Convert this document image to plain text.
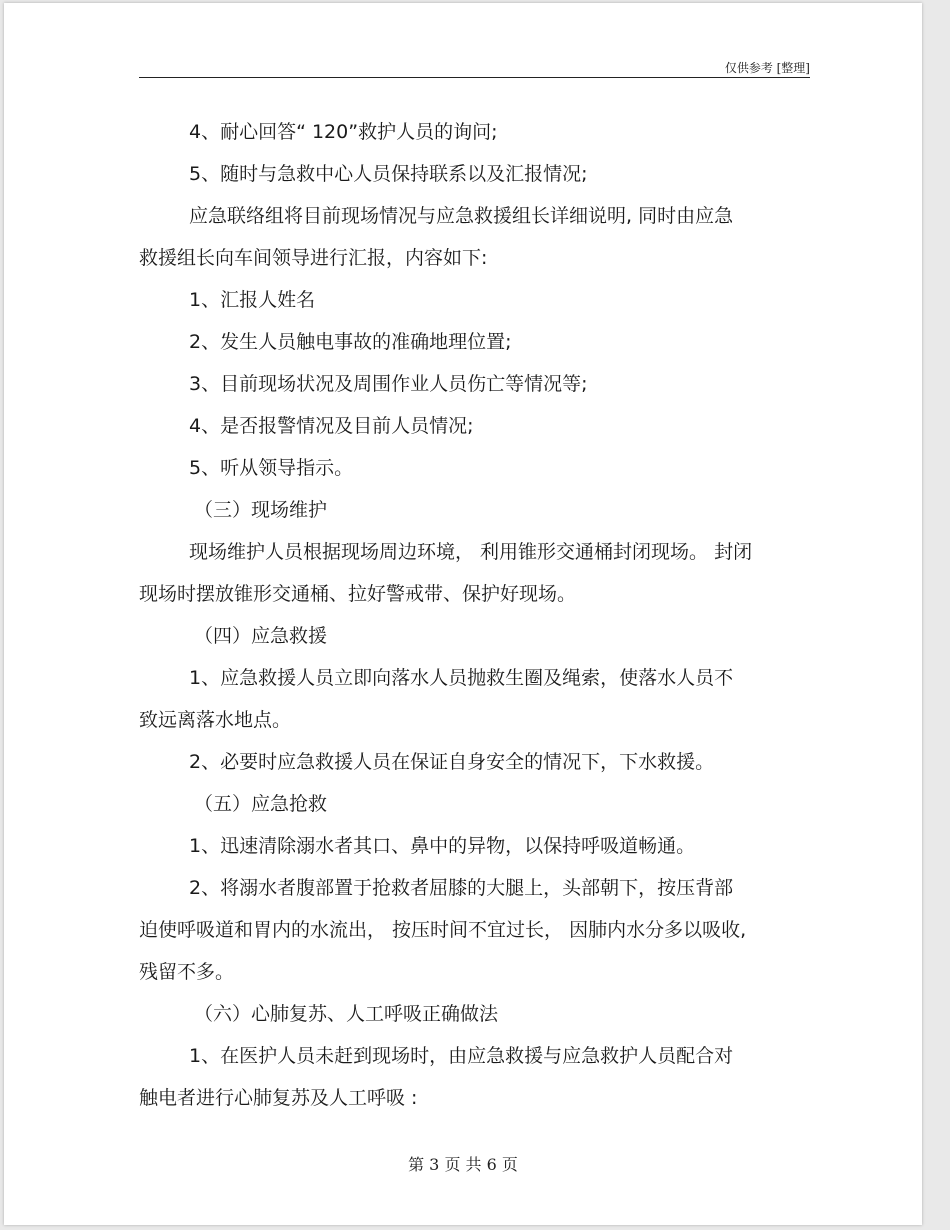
仅供参考 [整理]
4、耐心回答“ 120”救护人员的询问;
5、随时与急救中心人员保持联系以及汇报情况;
应急联络组将目前现场情况与应急救援组长详细说明, 同时由应急
救援组长向车间领导进行汇报，内容如下:
1、汇报人姓名
2、发生人员触电事故的准确地理位置;
3、目前现场状况及周围作业人员伤亡等情况等;
4、是否报警情况及目前人员情况;
5、听从领导指示。
（三）现场维护
现场维护人员根据现场周边环境， 利用锥形交通桶封闭现场。 封闭
现场时摆放锥形交通桶、拉好警戒带、保护好现场。
（四）应急救援
1、应急救援人员立即向落水人员抛救生圈及绳索，使落水人员不
致远离落水地点。
2、必要时应急救援人员在保证自身安全的情况下，下水救援。
（五）应急抢救
1、迅速清除溺水者其口、鼻中的异物，以保持呼吸道畅通。
2、将溺水者腹部置于抢救者屈膝的大腿上，头部朝下，按压背部
迫使呼吸道和胃内的水流出， 按压时间不宜过长， 因肺内水分多以吸收,
残留不多。
（六）心肺复苏、人工呼吸正确做法
1、在医护人员未赶到现场时，由应急救援与应急救护人员配合对
触电者进行心肺复苏及人工呼吸 :
第 3 页 共 6 页
